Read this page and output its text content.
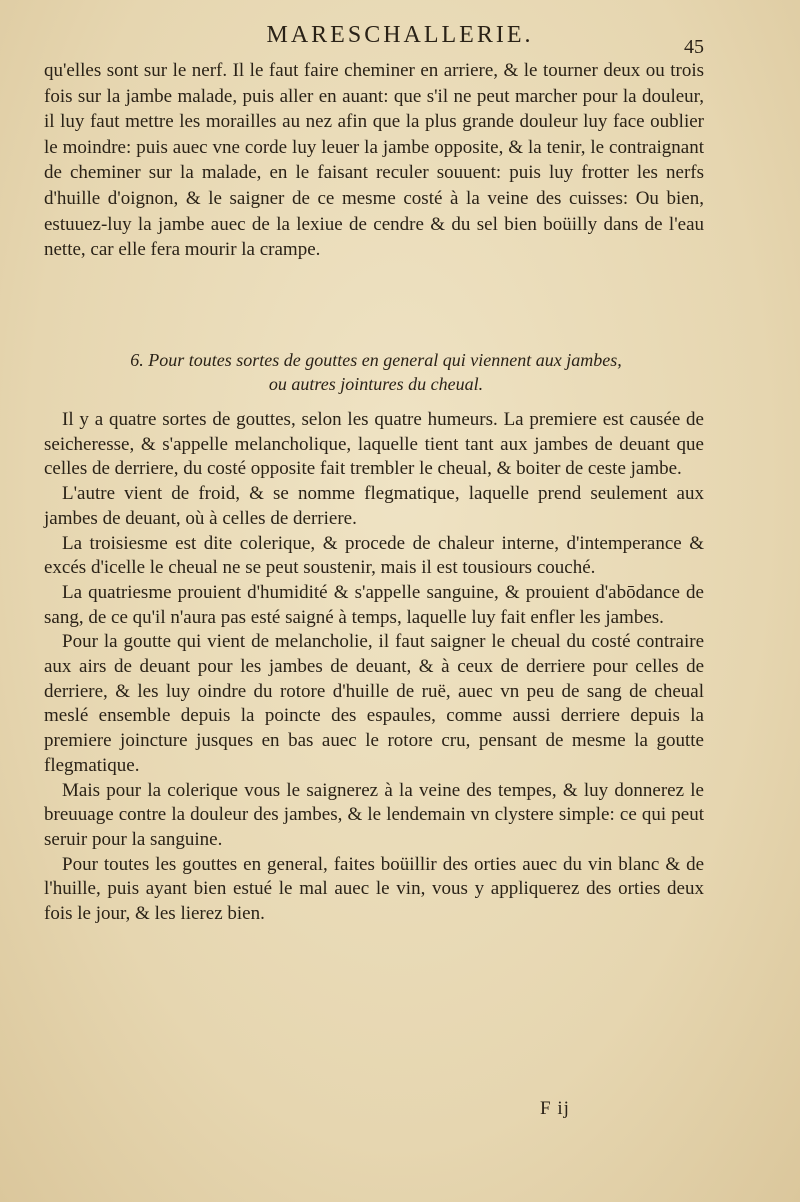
MARESCHALLERIE.	45
qu'elles sont sur le nerf. Il le faut faire cheminer en arriere, & le tourner deux ou trois fois sur la jambe malade, puis aller en auant: que s'il ne peut marcher pour la douleur, il luy faut mettre les morailles au nez afin que la plus grande douleur luy face oublier le moindre: puis auec vne corde luy leuer la jambe opposite, & la tenir, le contraignant de cheminer sur la malade, en le faisant reculer souuent: puis luy frotter les nerfs d'huille d'oignon, & le saigner de ce mesme costé à la veine des cuisses: Ou bien, estuuez-luy la jambe auec de la lexiue de cendre & du sel bien boüilly dans de l'eau nette, car elle fera mourir la crampe.
6. Pour toutes sortes de gouttes en general qui viennent aux jambes,
ou autres jointures du cheual.

Il y a quatre sortes de gouttes, selon les quatre humeurs. La premiere est causée de seicheresse, & s'appelle melancholique, laquelle tient tant aux jambes de deuant que celles de derriere, du costé opposite fait trembler le cheual, & boiter de ceste jambe.

L'autre vient de froid, & se nomme flegmatique, laquelle prend seulement aux jambes de deuant, où à celles de derriere.

La troisiesme est dite colerique, & procede de chaleur interne, d'intemperance & excés d'icelle le cheual ne se peut soustenir, mais il est tousiours couché.

La quatriesme prouient d'humidité & s'appelle sanguine, & prouient d'abōdance de sang, de ce qu'il n'aura pas esté saigné à temps, laquelle luy fait enfler les jambes.

Pour la goutte qui vient de melancholie, il faut saigner le cheual du costé contraire aux airs de deuant pour les jambes de deuant, & à ceux de derriere pour celles de derriere, & les luy oindre du rotore d'huille de ruë, auec vn peu de sang de cheual meslé ensemble depuis la poincte des espaules, comme aussi derriere depuis la premiere joincture jusques en bas auec le rotore cru, pensant de mesme la goutte flegmatique.

Mais pour la colerique vous le saignerez à la veine des tempes, & luy donnerez le breuuage contre la douleur des jambes, & le lendemain vn clystere simple: ce qui peut seruir pour la sanguine.

Pour toutes les gouttes en general, faites boüillir des orties auec du vin blanc & de l'huille, puis ayant bien estué le mal auec le vin, vous y appliquerez des orties deux fois le jour, & les lierez bien.

F ij
